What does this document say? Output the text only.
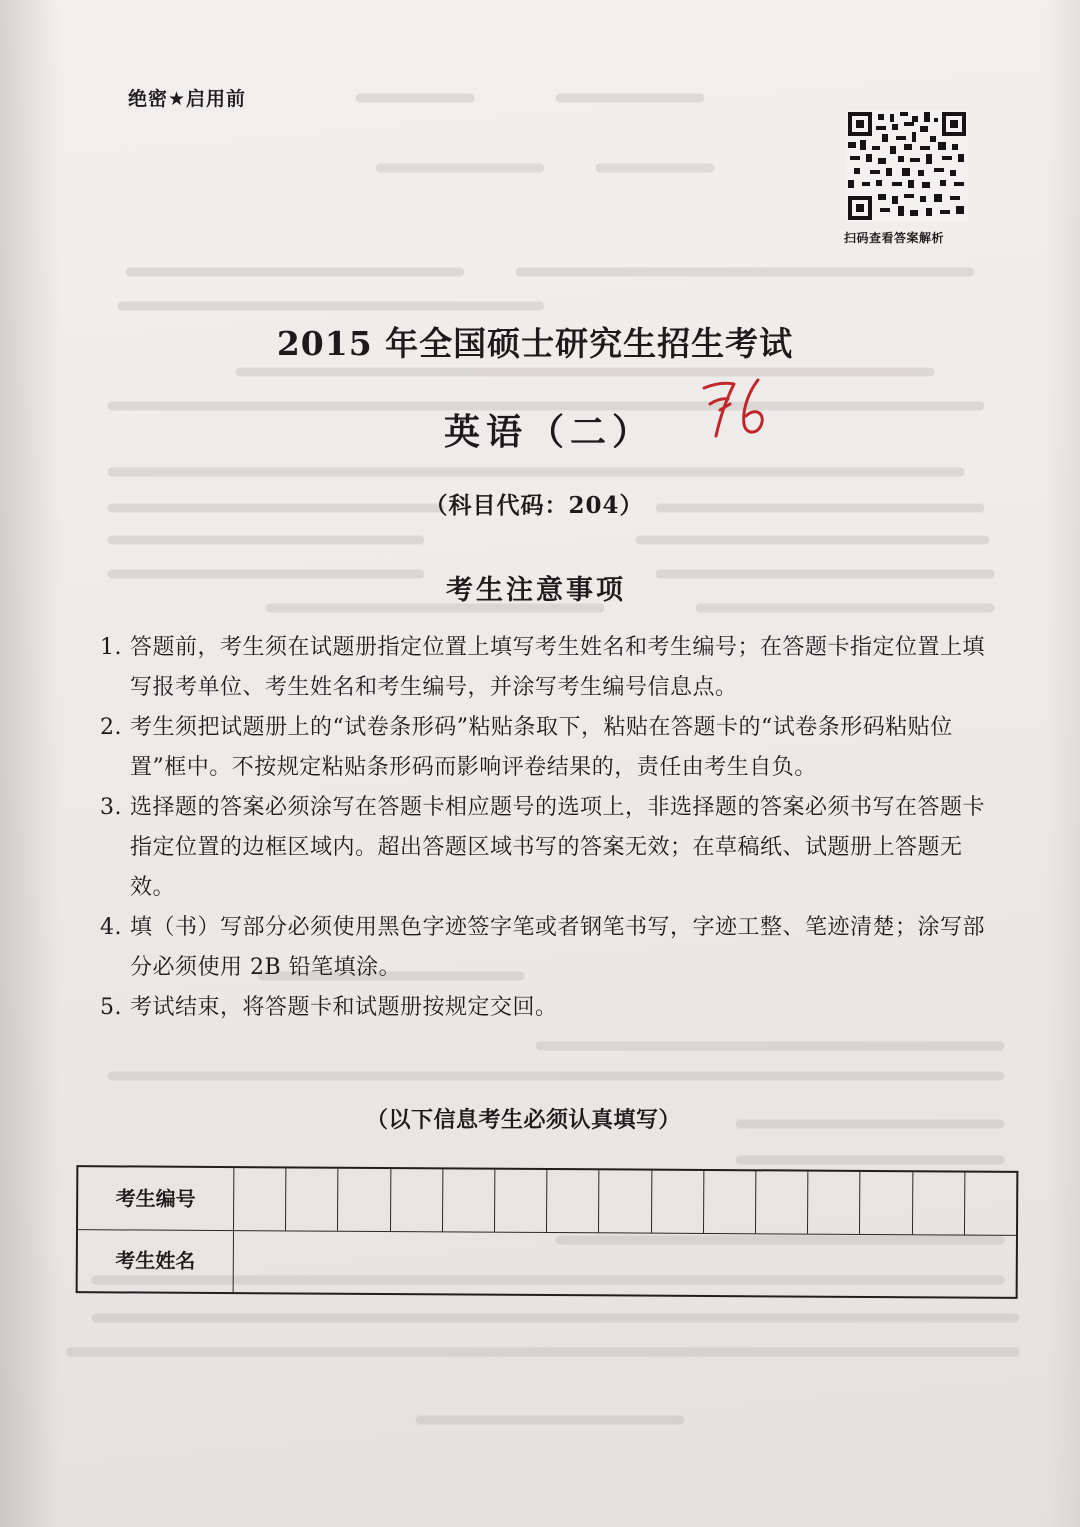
绝密★启用前
扫码查看答案解析
2015 年全国硕士研究生招生考试
英语（二）
（科目代码：204）
考生注意事项
1. 答题前，考生须在试题册指定位置上填写考生姓名和考生编号；在答题卡指定位置上填写报考单位、考生姓名和考生编号，并涂写考生编号信息点。
2. 考生须把试题册上的“试卷条形码”粘贴条取下，粘贴在答题卡的“试卷条形码粘贴位置”框中。不按规定粘贴条形码而影响评卷结果的，责任由考生自负。
3. 选择题的答案必须涂写在答题卡相应题号的选项上，非选择题的答案必须书写在答题卡指定位置的边框区域内。超出答题区域书写的答案无效；在草稿纸、试题册上答题无效。
4. 填（书）写部分必须使用黑色字迹签字笔或者钢笔书写，字迹工整、笔迹清楚；涂写部分必须使用 2B 铅笔填涂。
5. 考试结束，将答题卡和试题册按规定交回。
（以下信息考生必须认真填写）
考生编号
考生姓名
